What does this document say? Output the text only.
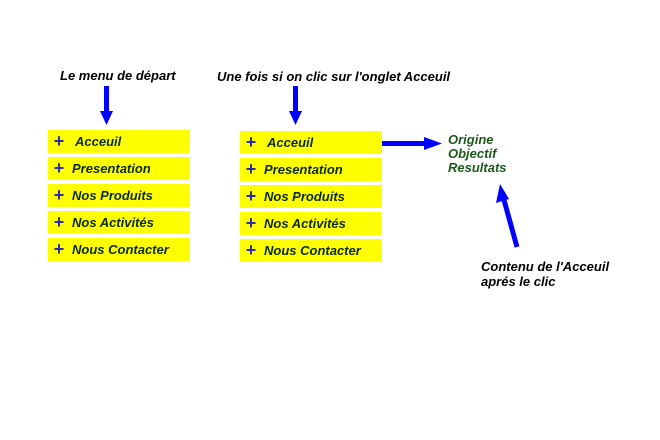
Le menu de départ	Une fois si on clic sur l'onglet Acceuil
+ Acceuil
+ Presentation
+ Nos Produits
+ Nos Activités
+ Nous Contacter
+ Acceuil
+ Presentation
+ Nos Produits
+ Nos Activités
+ Nous Contacter
Origine
Objectif
Resultats
Contenu de l'Acceuil
aprés le clic
